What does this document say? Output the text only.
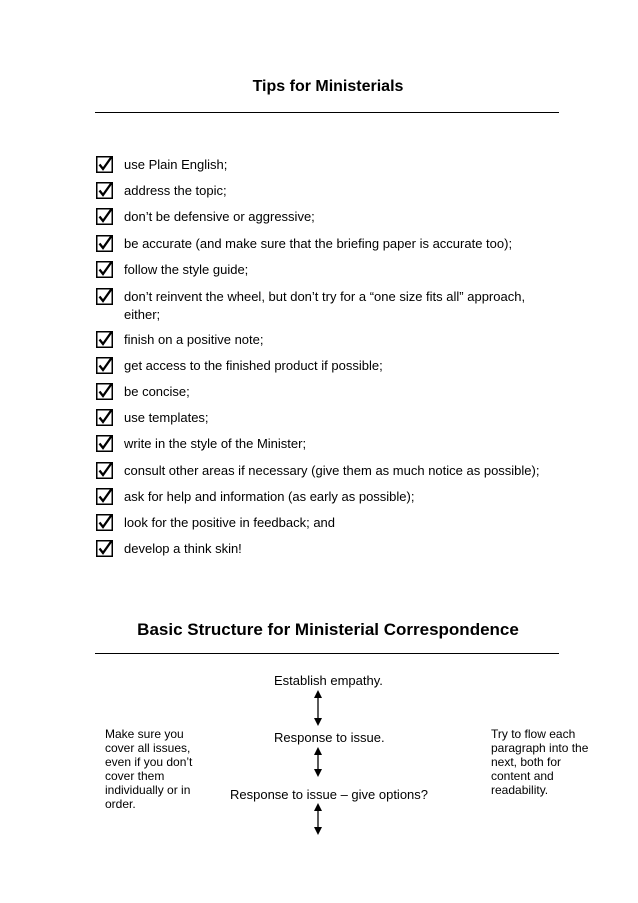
Tips for Ministerials
use Plain English;
address the topic;
don’t be defensive or aggressive;
be accurate (and make sure that the briefing paper is accurate too);
follow the style guide;
don’t reinvent the wheel, but don’t try for a “one size fits all” approach, either;
finish on a positive note;
get access to the finished product if possible;
be concise;
use templates;
write in the style of the Minister;
consult other areas if necessary (give them as much notice as possible);
ask for help and information (as early as possible);
look for the positive in feedback; and
develop a think skin!
Basic Structure for Ministerial Correspondence
Establish empathy.
Response to issue.
Response to issue – give options?
Make sure you cover all issues, even if you don’t cover them individually or in order.
Try to flow each paragraph into the next, both for content and readability.
